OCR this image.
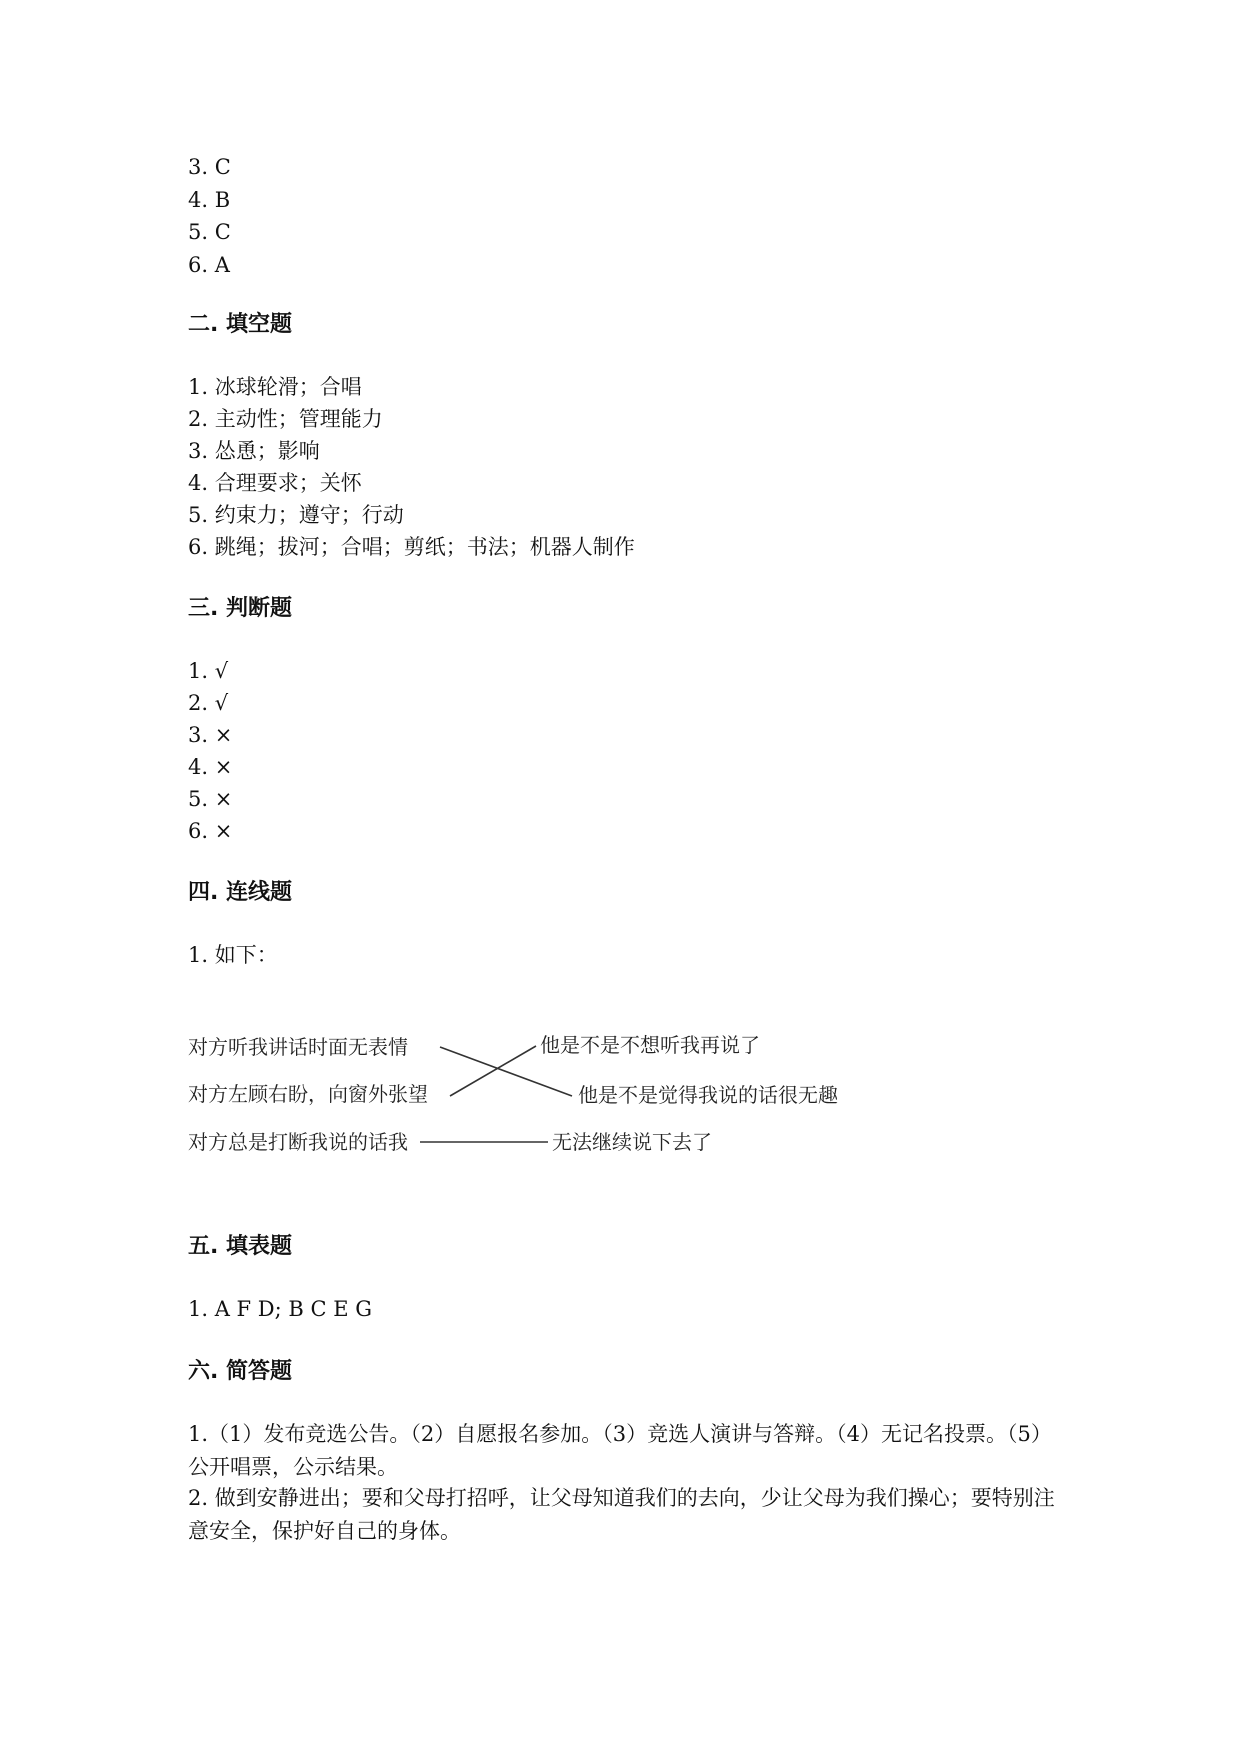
3. C
4. B
5. C
6. A
二. 填空题
1. 冰球轮滑；合唱
2. 主动性；管理能力
3. 怂恿；影响
4. 合理要求；关怀
5. 约束力；遵守；行动
6. 跳绳；拔河；合唱；剪纸；书法；机器人制作
三. 判断题
1. √
2. √
3. ×
4. ×
5. ×
6. ×
四. 连线题
1. 如下：
对方听我讲话时面无表情
对方左顾右盼，向窗外张望
对方总是打断我说的话我
他是不是不想听我再说了
他是不是觉得我说的话很无趣
无法继续说下去了
五. 填表题
1. A F D; B C E G
六. 简答题
1.（1）发布竞选公告。（2）自愿报名参加。（3）竞选人演讲与答辩。（4）无记名投票。（5）公开唱票，公示结果。
2. 做到安静进出；要和父母打招呼，让父母知道我们的去向，少让父母为我们操心；要特别注意安全，保护好自己的身体。
